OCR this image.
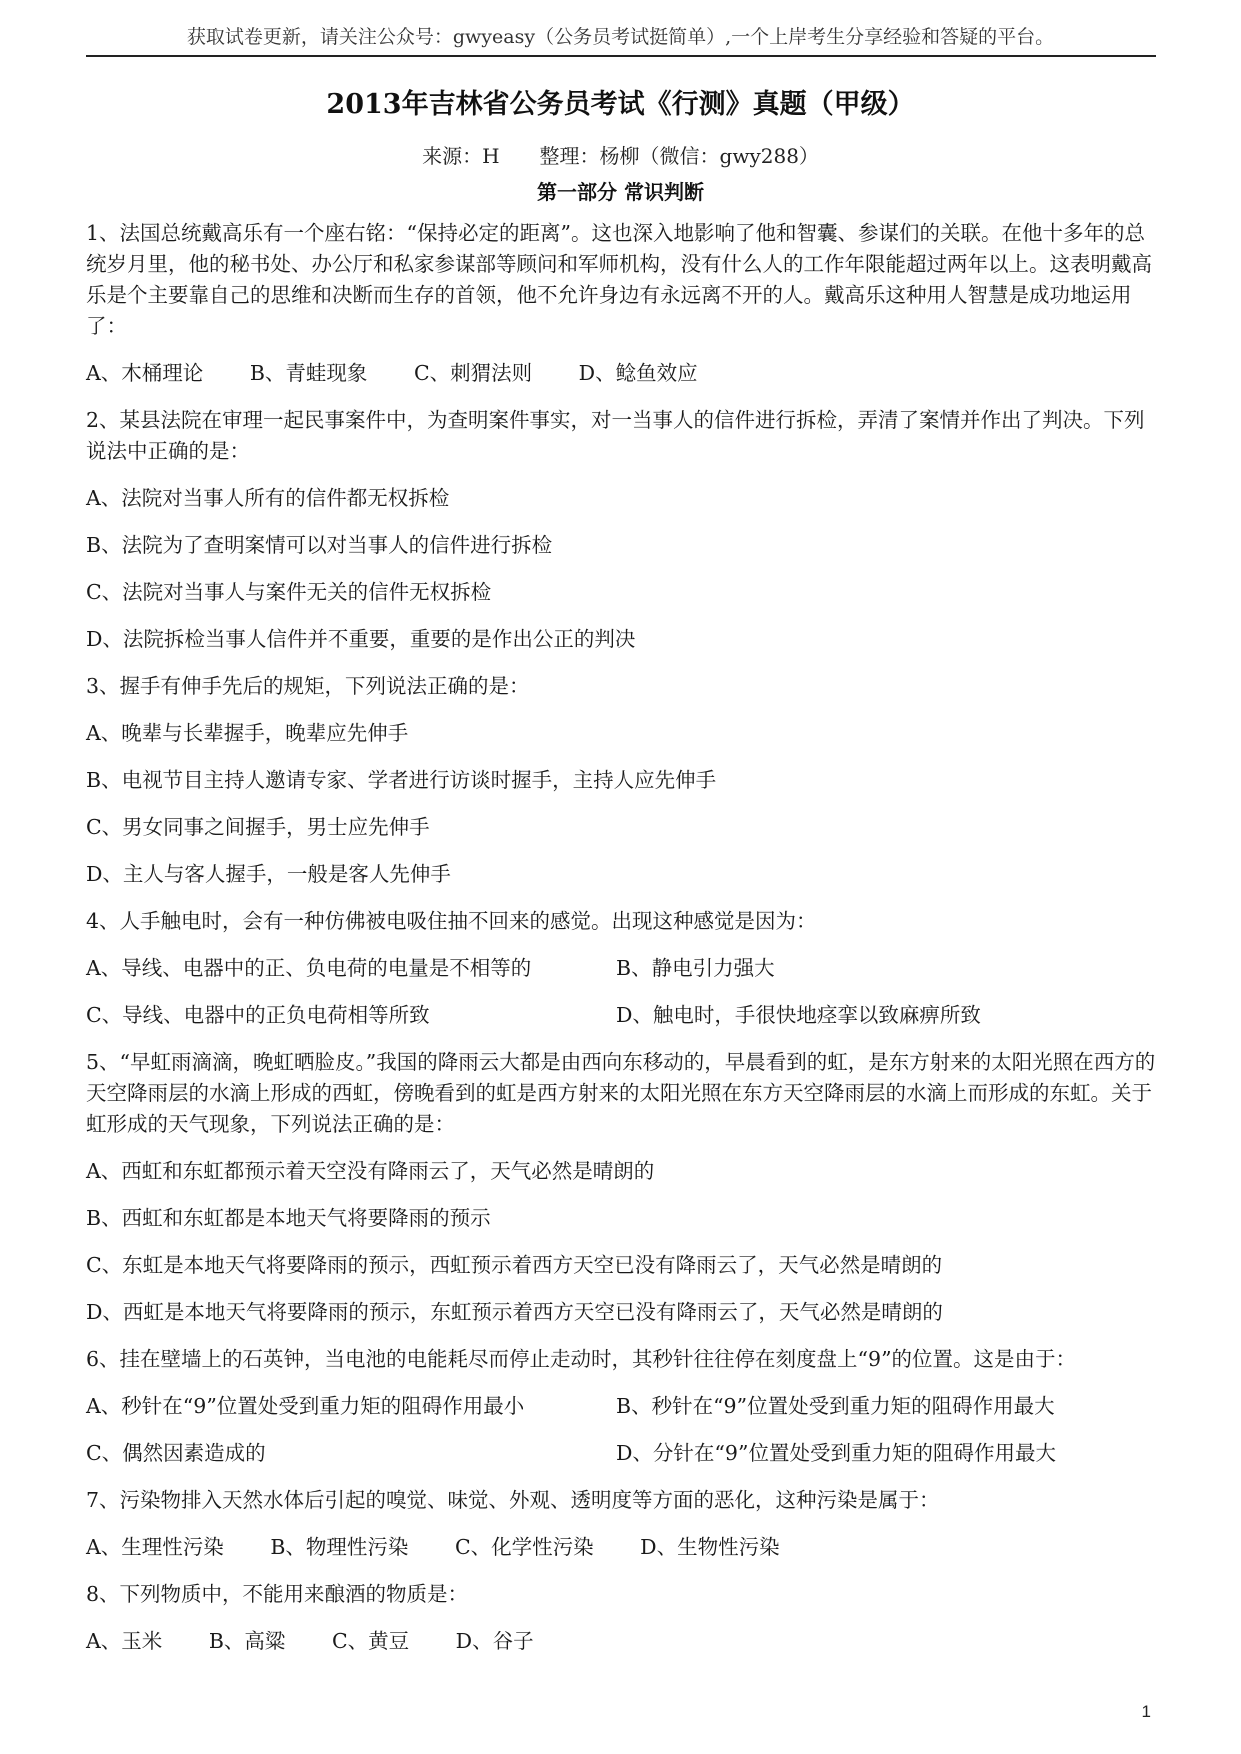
获取试卷更新，请关注公众号：gwyeasy（公务员考试挺简单）,一个上岸考生分享经验和答疑的平台。
2013年吉林省公务员考试《行测》真题（甲级）
来源：H　　整理：杨柳（微信：gwy288）
第一部分 常识判断
1、法国总统戴高乐有一个座右铭：“保持必定的距离”。这也深入地影响了他和智囊、参谋们的关联。在他十多年的总统岁月里，他的秘书处、办公厅和私家参谋部等顾问和军师机构，没有什么人的工作年限能超过两年以上。这表明戴高乐是个主要靠自己的思维和决断而生存的首领，他不允许身边有永远离不开的人。戴高乐这种用人智慧是成功地运用了：
A、木桶理论 B、青蛙现象 C、刺猬法则 D、鲶鱼效应
2、某县法院在审理一起民事案件中，为查明案件事实，对一当事人的信件进行拆检，弄清了案情并作出了判决。下列说法中正确的是：
A、法院对当事人所有的信件都无权拆检
B、法院为了查明案情可以对当事人的信件进行拆检
C、法院对当事人与案件无关的信件无权拆检
D、法院拆检当事人信件并不重要，重要的是作出公正的判决
3、握手有伸手先后的规矩，下列说法正确的是：
A、晚辈与长辈握手，晚辈应先伸手
B、电视节目主持人邀请专家、学者进行访谈时握手，主持人应先伸手
C、男女同事之间握手，男士应先伸手
D、主人与客人握手，一般是客人先伸手
4、人手触电时，会有一种仿佛被电吸住抽不回来的感觉。出现这种感觉是因为：
A、导线、电器中的正、负电荷的电量是不相等的	B、静电引力强大
C、导线、电器中的正负电荷相等所致	D、触电时，手很快地痉挛以致麻痹所致
5、“早虹雨滴滴，晚虹晒脸皮。”我国的降雨云大都是由西向东移动的，早晨看到的虹，是东方射来的太阳光照在西方的天空降雨层的水滴上形成的西虹，傍晚看到的虹是西方射来的太阳光照在东方天空降雨层的水滴上而形成的东虹。关于虹形成的天气现象，下列说法正确的是：
A、西虹和东虹都预示着天空没有降雨云了，天气必然是晴朗的
B、西虹和东虹都是本地天气将要降雨的预示
C、东虹是本地天气将要降雨的预示，西虹预示着西方天空已没有降雨云了，天气必然是晴朗的
D、西虹是本地天气将要降雨的预示，东虹预示着西方天空已没有降雨云了，天气必然是晴朗的
6、挂在壁墙上的石英钟，当电池的电能耗尽而停止走动时，其秒针往往停在刻度盘上“9”的位置。这是由于：
A、秒针在“9”位置处受到重力矩的阻碍作用最小	B、秒针在“9”位置处受到重力矩的阻碍作用最大
C、偶然因素造成的	D、分针在“9”位置处受到重力矩的阻碍作用最大
7、污染物排入天然水体后引起的嗅觉、味觉、外观、透明度等方面的恶化，这种污染是属于：
A、生理性污染 B、物理性污染 C、化学性污染 D、生物性污染
8、下列物质中，不能用来酿酒的物质是：
A、玉米 B、高粱 C、黄豆 D、谷子
1
